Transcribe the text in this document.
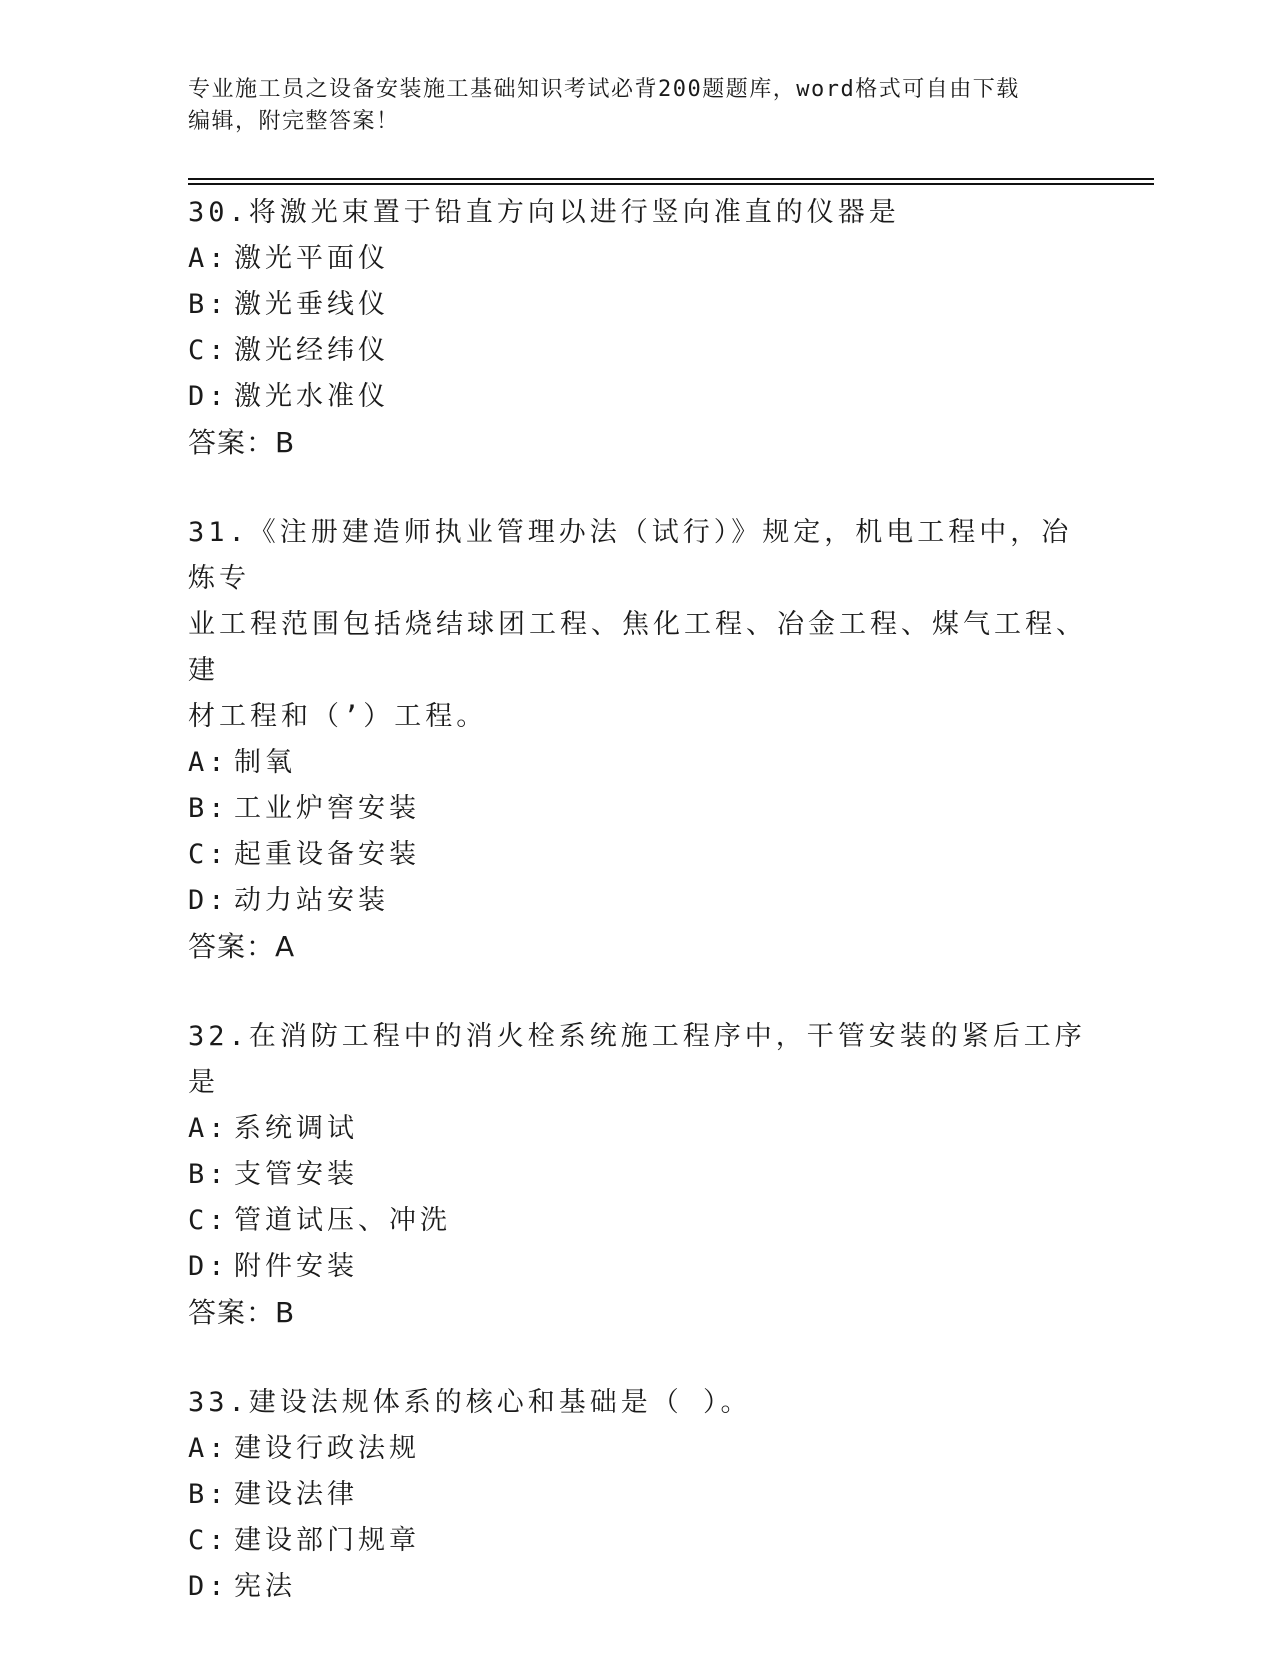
专业施工员之设备安装施工基础知识考试必背200题题库，word格式可自由下载
编辑，附完整答案！
30.将激光束置于铅直方向以进行竖向准直的仪器是
A: 激光平面仪
B: 激光垂线仪
C: 激光经纬仪
D: 激光水准仪
答案：B
31.《注册建造师执业管理办法（试行）》规定，机电工程中，冶炼专
业工程范围包括烧结球团工程、焦化工程、冶金工程、煤气工程、建
材工程和（’）工程。
A: 制氧
B: 工业炉窖安装
C: 起重设备安装
D: 动力站安装
答案：A
32.在消防工程中的消火栓系统施工程序中，干管安装的紧后工序是
A: 系统调试
B: 支管安装
C: 管道试压、冲洗
D: 附件安装
答案：B
33.建设法规体系的核心和基础是（ ）。
A: 建设行政法规
B: 建设法律
C: 建设部门规章
D: 宪法
